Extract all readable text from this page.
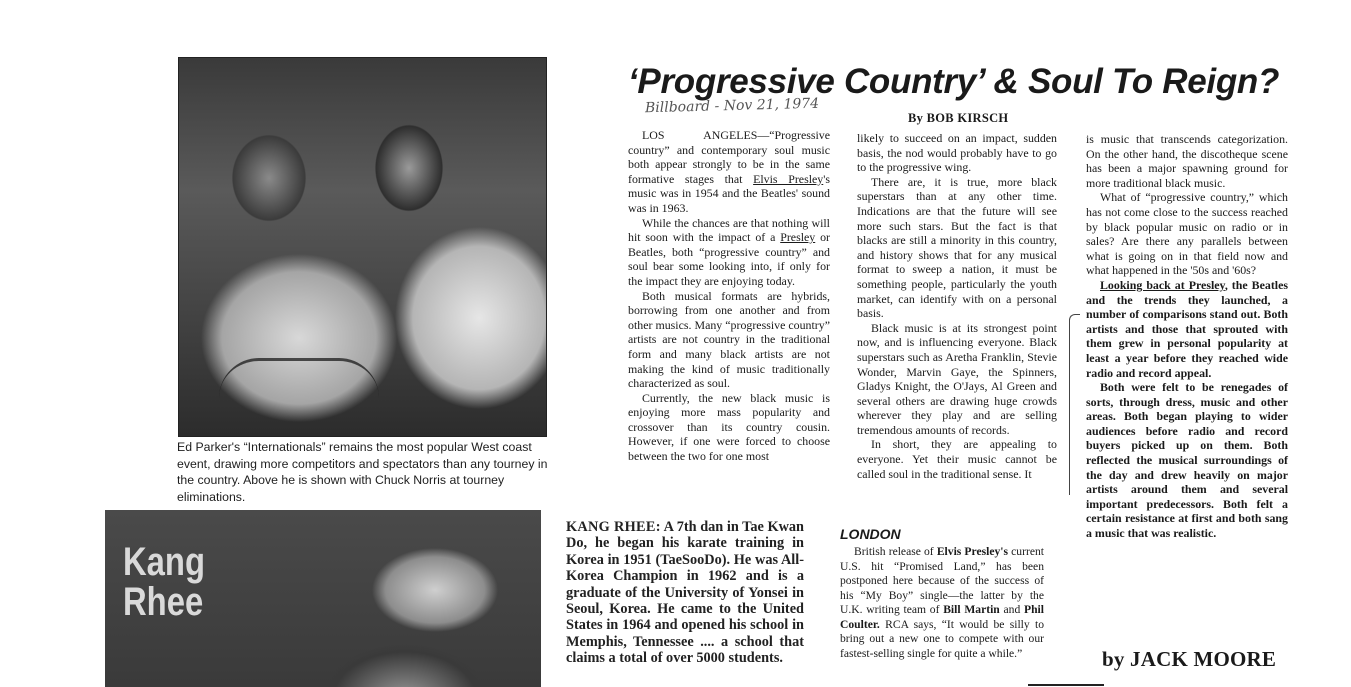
Ed Parker's “Internationals” remains the most popular West coast event, drawing more competitors and spectators than any tourney in the country. Above he is shown with Chuck Norris at tourney eliminations.
Kang
Rhee
‘Progressive Country’ & Soul To Reign?
Billboard - Nov 21, 1974
By BOB KIRSCH

LOS ANGELES—“Progressive country” and contemporary soul music both appear strongly to be in the same formative stages that Elvis Presley's music was in 1954 and the Beatles' sound was in 1963.

While the chances are that nothing will hit soon with the impact of a Presley or Beatles, both “progressive country” and soul bear some looking into, if only for the impact they are enjoying today.

Both musical formats are hybrids, borrowing from one another and from other musics. Many “progressive country” artists are not country in the traditional form and many black artists are not making the kind of music traditionally characterized as soul.

Currently, the new black music is enjoying more mass popularity and crossover than its country cousin. However, if one were forced to choose between the two for one most

likely to succeed on an impact, sudden basis, the nod would probably have to go to the progressive wing.

There are, it is true, more black superstars than at any other time. Indications are that the future will see more such stars. But the fact is that blacks are still a minority in this country, and history shows that for any musical format to sweep a nation, it must be something people, particularly the youth market, can identify with on a personal basis.

Black music is at its strongest point now, and is influencing everyone. Black superstars such as Aretha Franklin, Stevie Wonder, Marvin Gaye, the Spinners, Gladys Knight, the O'Jays, Al Green and several others are drawing huge crowds wherever they play and are selling tremendous amounts of records.

In short, they are appealing to everyone. Yet their music cannot be called soul in the traditional sense. It

is music that transcends categorization. On the other hand, the discotheque scene has been a major spawning ground for more traditional black music.

What of “progressive country,” which has not come close to the success reached by black popular music on radio or in sales? Are there any parallels between what is going on in that field now and what happened in the '50s and '60s?

Looking back at Presley, the Beatles and the trends they launched, a number of comparisons stand out. Both artists and those that sprouted with them grew in personal popularity at least a year before they reached wide radio and record appeal.

Both were felt to be renegades of sorts, through dress, music and other areas. Both began playing to wider audiences before radio and record buyers picked up on them. Both reflected the musical surroundings of the day and drew heavily on major artists around them and several important predecessors. Both felt a certain resistance at first and both sang a music that was realistic.

KANG RHEE: A 7th dan in Tae Kwan Do, he began his karate training in Korea in 1951 (TaeSooDo). He was All-Korea Champion in 1962 and is a graduate of the University of Yonsei in Seoul, Korea. He came to the United States in 1964 and opened his school in Memphis, Tennessee .... a school that claims a total of over 5000 students.
LONDON

British release of Elvis Presley's current U.S. hit “Promised Land,” has been postponed here because of the success of his “My Boy” single—the latter by the U.K. writing team of Bill Martin and Phil Coulter. RCA says, “It would be silly to bring out a new one to compete with our fastest-selling single for quite a while.”	by JACK MOORE
